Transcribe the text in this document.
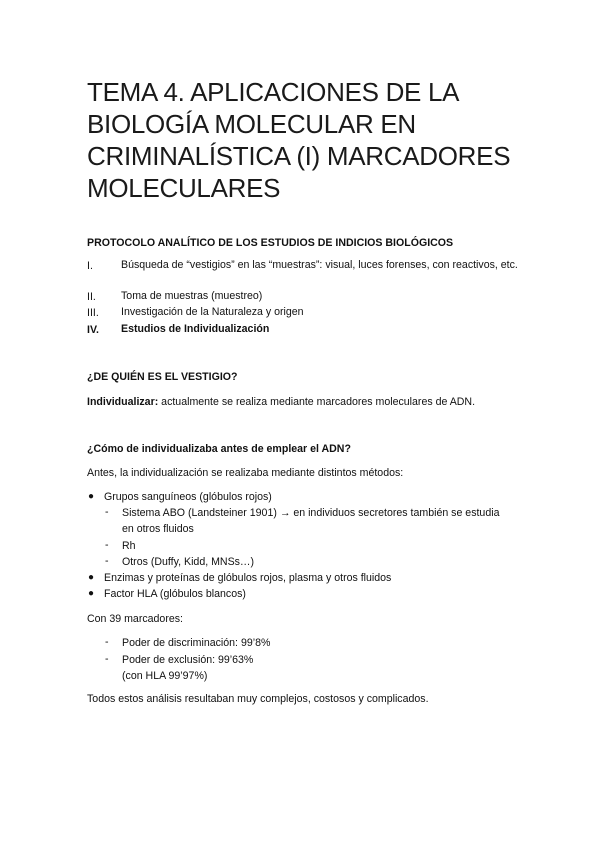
TEMA 4. APLICACIONES DE LA
BIOLOGÍA MOLECULAR EN
CRIMINALÍSTICA (I) MARCADORES
MOLECULARES
PROTOCOLO ANALÍTICO DE LOS ESTUDIOS DE INDICIOS BIOLÓGICOS
I.	Búsqueda de “vestigios” en las “muestras”: visual, luces forenses, con reactivos, etc.
II. Toma de muestras (muestreo)
III. Investigación de la Naturaleza y origen
IV. Estudios de Individualización
¿DE QUIÉN ES EL VESTIGIO?
Individualizar: actualmente se realiza mediante marcadores moleculares de ADN.
¿Cómo de individualizaba antes de emplear el ADN?
Antes, la individualización se realizaba mediante distintos métodos:
● Grupos sanguíneos (glóbulos rojos)
- Sistema ABO (Landsteiner 1901) → en individuos secretores también se estudia
en otros fluidos
- Rh
- Otros (Duffy, Kidd, MNSs…)
● Enzimas y proteínas de glóbulos rojos, plasma y otros fluidos
● Factor HLA (glóbulos blancos)
Con 39 marcadores:
- Poder de discriminación: 99’8%
- Poder de exclusión: 99’63%
(con HLA 99’97%)
Todos estos análisis resultaban muy complejos, costosos y complicados.
